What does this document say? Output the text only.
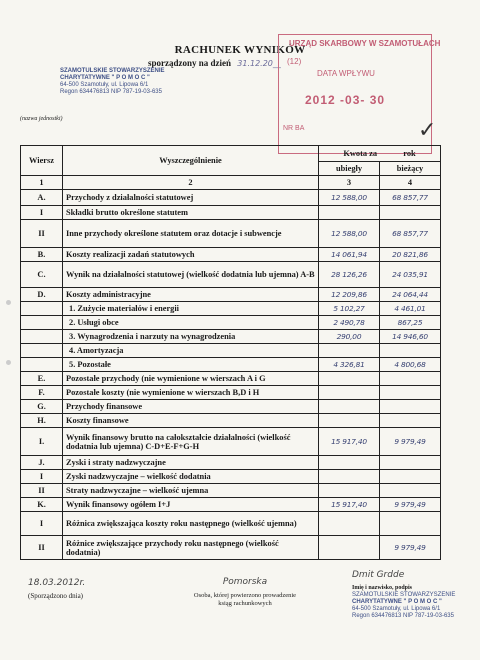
RACHUNEK WYNIKÓW
sporządzony na dzień 31.12.20__
SZAMOTULSKIE STOWARZYSZENIE
CHARYTATYWNE " P O M O C "
64-500 Szamotuły, ul. Lipowa 6/1
Regon 634476813 NIP 787-19-03-635
(nazwa jednostki)
URZĄD SKARBOWY W SZAMOTUŁACH
(12)
DATA WPŁYWU
2012 -03- 30
NR BA	✓
Wiersz	Wyszczególnienie	Kwota za rok	
		ubiegły	bieżący
1	2	3	4
A.	Przychody z działalności statutowej	12 588,00	68 857,77
I	Składki brutto określone statutem		
II	Inne przychody określone statutem oraz dotacje i subwencje	12 588,00	68 857,77
B.	Koszty realizacji zadań statutowych	14 061,94	20 821,86
C.	Wynik na działalności statutowej (wielkość dodatnia lub ujemna) A-B	28 126,26	24 035,91
D.	Koszty administracyjne	12 209,86	24 064,44
	1. Zużycie materiałów i energii	5 102,27	4 461,01
	2. Usługi obce	2 490,78	867,25
	3. Wynagrodzenia i narzuty na wynagrodzenia	290,00	14 946,60
	4. Amortyzacja		
	5. Pozostałe	4 326,81	4 800,68
E.	Pozostałe przychody (nie wymienione w wierszach A i G		
F.	Pozostałe koszty (nie wymienione w wierszach B,D i H		
G.	Przychody finansowe		
H.	Koszty finansowe		
I.	Wynik finansowy brutto na całokształcie działalności (wielkość dodatnia lub ujemna) C-D+E-F+G-H	15 917,40	9 979,49
J.	Zyski i straty nadzwyczajne		
I	Zyski nadzwyczajne – wielkość dodatnia		
II	Straty nadzwyczajne – wielkość ujemna		
K.	Wynik finansowy ogółem I+J	15 917,40	9 979,49
I	Różnica zwiększająca koszty roku następnego (wielkość ujemna)		
II	Różnice zwiększające przychody roku następnego (wielkość dodatnia)		9 979,49
18.03.2012r.
(Sporządzono dnia)
Pomorska
Osoba, której powierzono prowadzenie
ksiąg rachunkowych
Dmit Grdde
Imię i nazwisko, podpis
SZAMOTULSKIE STOWARZYSZENIE
CHARYTATYWNE " P O M O C "
64-500 Szamotuły, ul. Lipowa 6/1
Regon 634476813 NIP 787-19-03-635
